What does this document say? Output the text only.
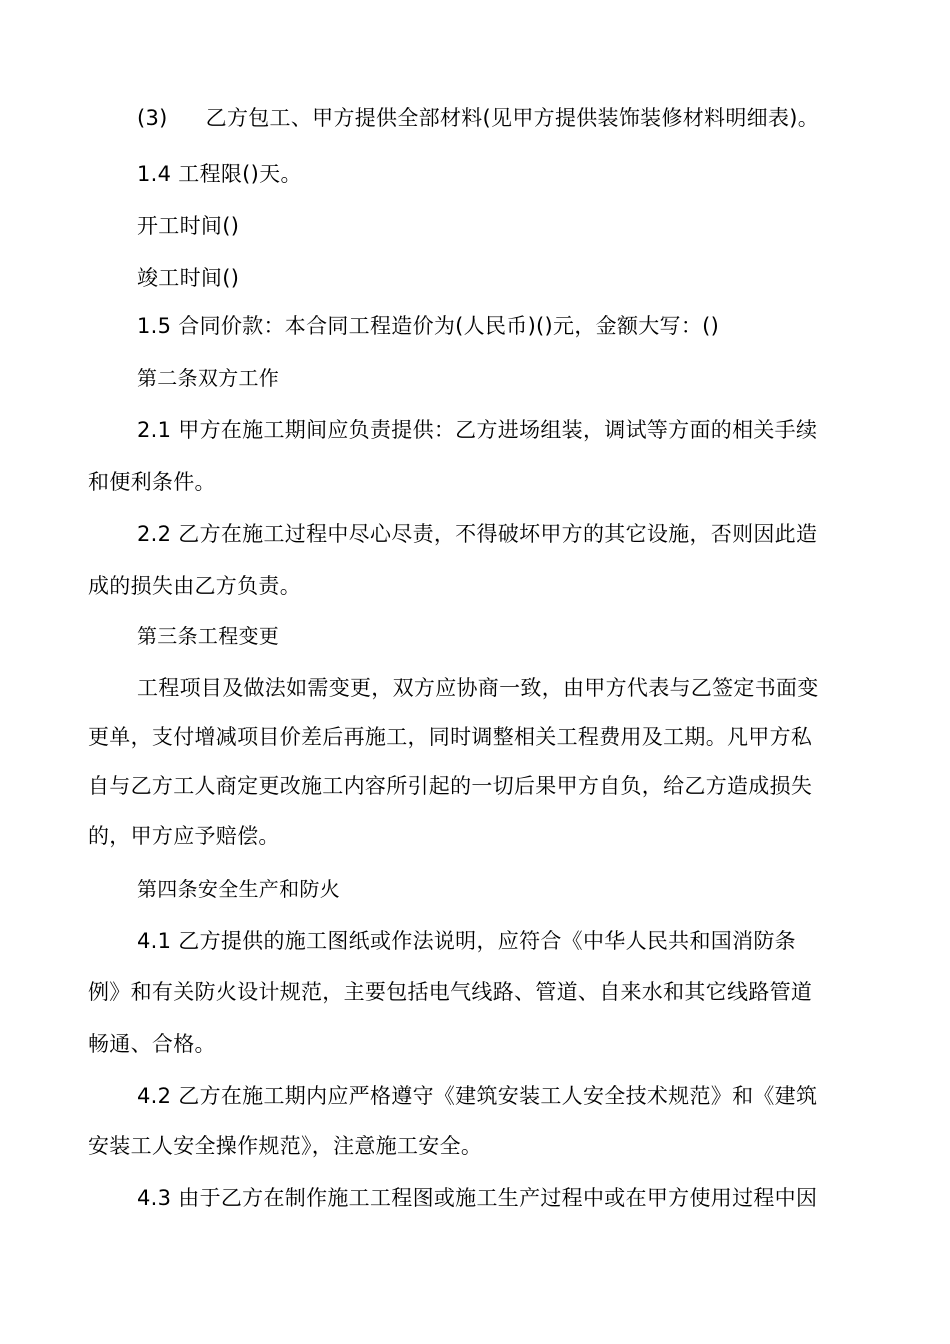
(3) 乙方包工、甲方提供全部材料(见甲方提供装饰装修材料明细表)。
1.4 工程限()天。
开工时间()
竣工时间()
1.5 合同价款：本合同工程造价为(人民币)()元，金额大写：()
第二条双方工作
2.1 甲方在施工期间应负责提供：乙方进场组装，调试等方面的相关手续
和便利条件。
2.2 乙方在施工过程中尽心尽责，不得破坏甲方的其它设施，否则因此造
成的损失由乙方负责。
第三条工程变更
工程项目及做法如需变更，双方应协商一致，由甲方代表与乙签定书面变
更单，支付增减项目价差后再施工，同时调整相关工程费用及工期。凡甲方私
自与乙方工人商定更改施工内容所引起的一切后果甲方自负，给乙方造成损失
的，甲方应予赔偿。
第四条安全生产和防火
4.1 乙方提供的施工图纸或作法说明，应符合《中华人民共和国消防条
例》和有关防火设计规范，主要包括电气线路、管道、自来水和其它线路管道
畅通、合格。
4.2 乙方在施工期内应严格遵守《建筑安装工人安全技术规范》和《建筑
安装工人安全操作规范》，注意施工安全。
4.3 由于乙方在制作施工工程图或施工生产过程中或在甲方使用过程中因
